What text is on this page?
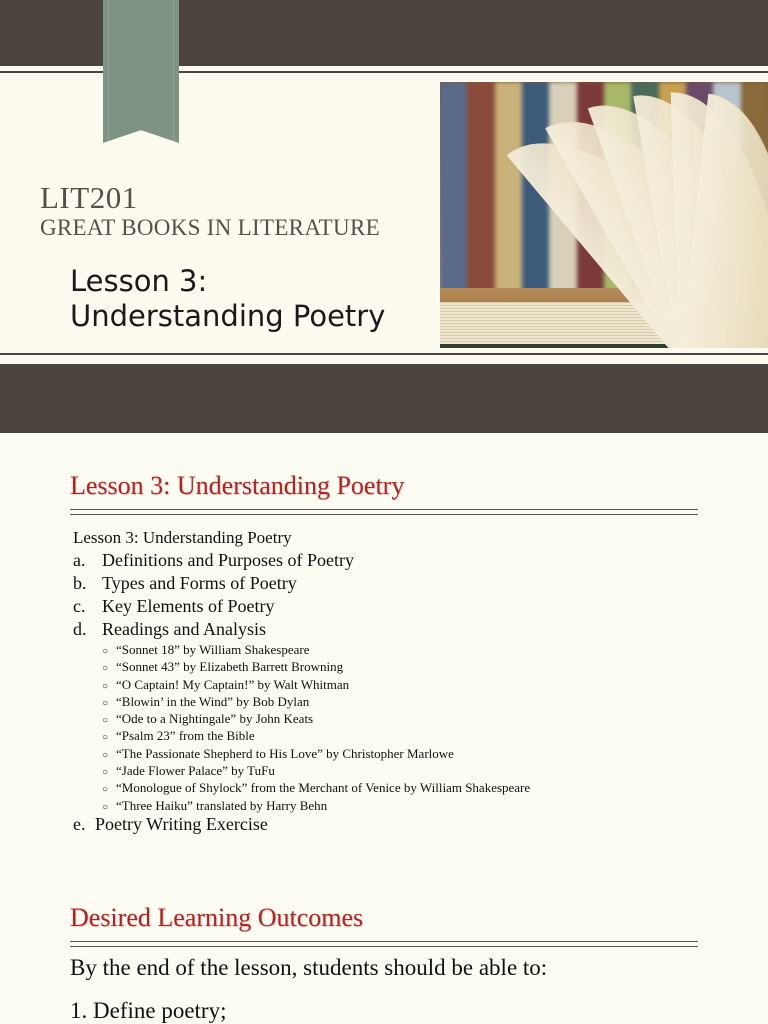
LIT201
GREAT BOOKS IN LITERATURE
Lesson 3:
Understanding Poetry
Lesson 3: Understanding Poetry
Lesson 3: Understanding Poetry
a. Definitions and Purposes of Poetry
b. Types and Forms of Poetry
c. Key Elements of Poetry
d. Readings and Analysis
○ “Sonnet 18” by William Shakespeare
○ “Sonnet 43” by Elizabeth Barrett Browning
○ “O Captain! My Captain!” by Walt Whitman
○ “Blowin’ in the Wind” by Bob Dylan
○ “Ode to a Nightingale” by John Keats
○ “Psalm 23” from the Bible
○ “The Passionate Shepherd to His Love” by Christopher Marlowe
○ “Jade Flower Palace” by TuFu
○ “Monologue of Shylock” from the Merchant of Venice by William Shakespeare
○ “Three Haiku” translated by Harry Behn
e. Poetry Writing Exercise
Desired Learning Outcomes
By the end of the lesson, students should be able to:
1. Define poetry;
